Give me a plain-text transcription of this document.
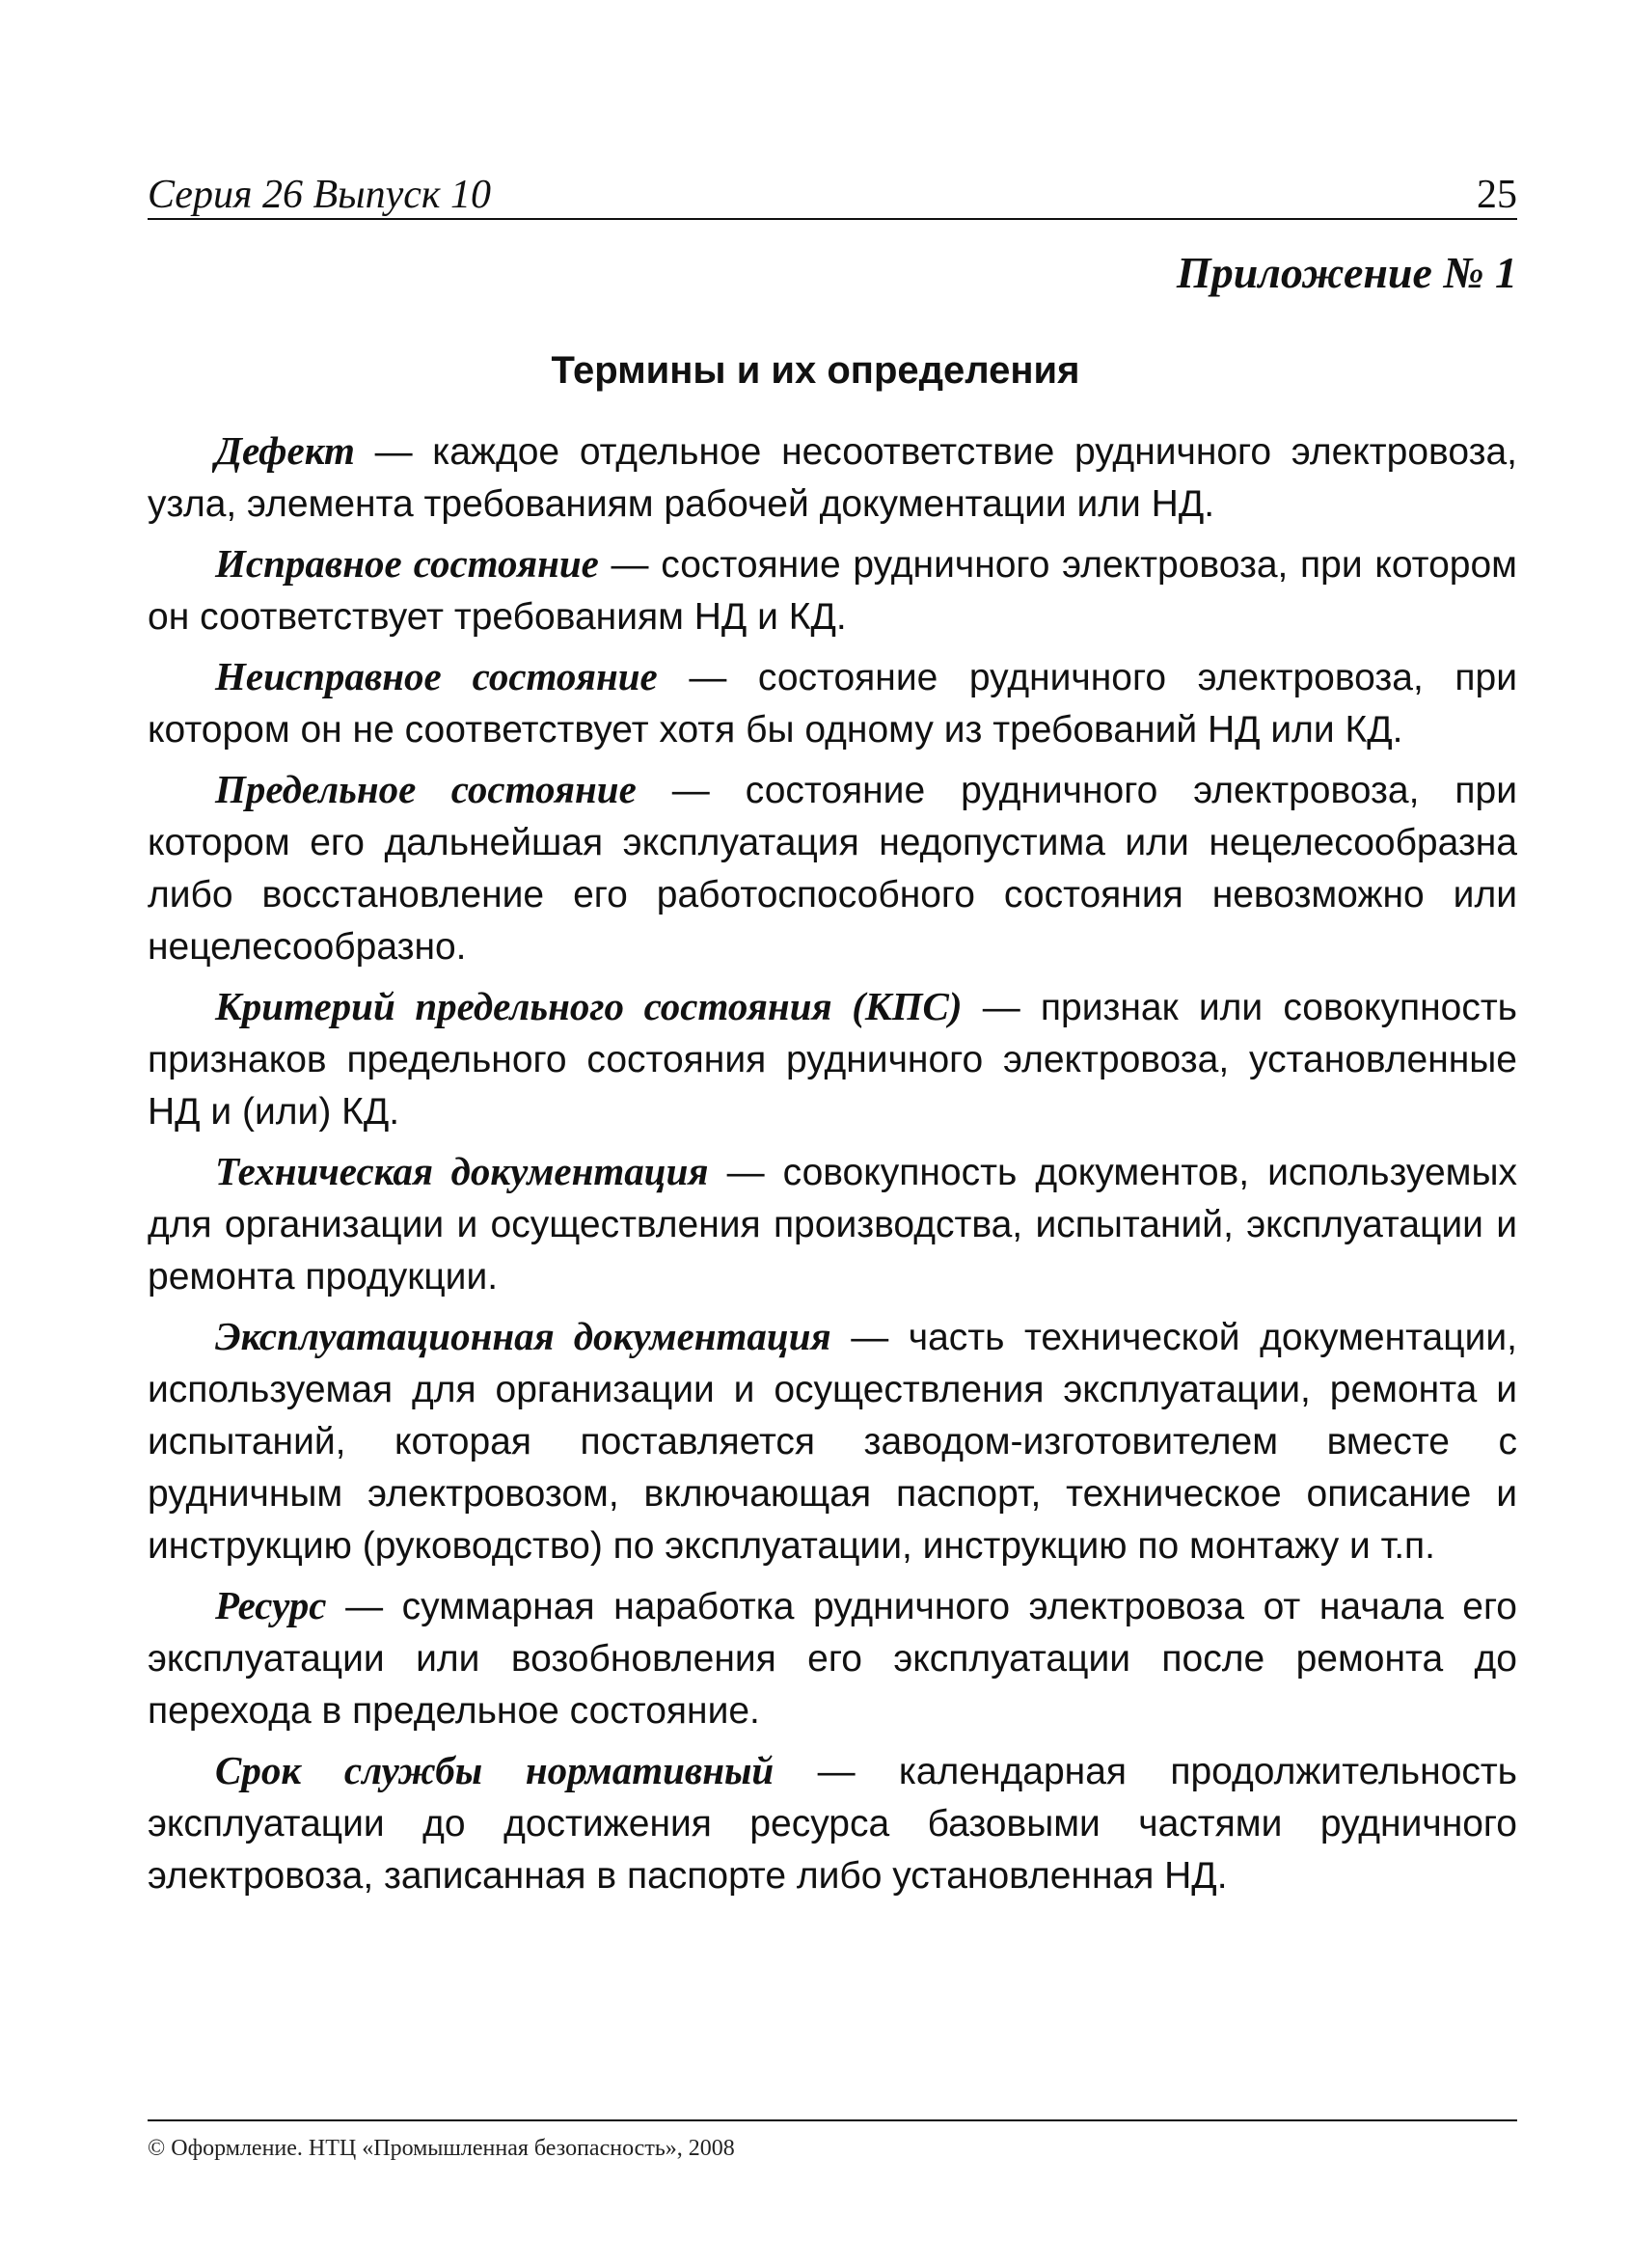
Серия 26 Выпуск 10	25
Приложение № 1
Термины и их определения

Дефект — каждое отдельное несоответствие рудничного электровоза, узла, элемента требованиям рабочей документации или НД.

Исправное состояние — состояние рудничного электровоза, при котором он соответствует требованиям НД и КД.

Неисправное состояние — состояние рудничного электровоза, при котором он не соответствует хотя бы одному из требований НД или КД.

Предельное состояние — состояние рудничного электровоза, при котором его дальнейшая эксплуатация недопустима или нецелесообразна либо восстановление его работоспособного состояния невозможно или нецелесообразно.

Критерий предельного состояния (КПС) — признак или совокупность признаков предельного состояния рудничного электровоза, установленные НД и (или) КД.

Техническая документация — совокупность документов, используемых для организации и осуществления производства, испытаний, эксплуатации и ремонта продукции.

Эксплуатационная документация — часть технической документации, используемая для организации и осуществления эксплуатации, ремонта и испытаний, которая поставляется заводом-изготовителем вместе с рудничным электровозом, включающая паспорт, техническое описание и инструкцию (руководство) по эксплуатации, инструкцию по монтажу и т.п.

Ресурс — суммарная наработка рудничного электровоза от начала его эксплуатации или возобновления его эксплуатации после ремонта до перехода в предельное состояние.

Срок службы нормативный — календарная продолжительность эксплуатации до достижения ресурса базовыми частями рудничного электровоза, записанная в паспорте либо установленная НД.

© Оформление. НТЦ «Промышленная безопасность», 2008
